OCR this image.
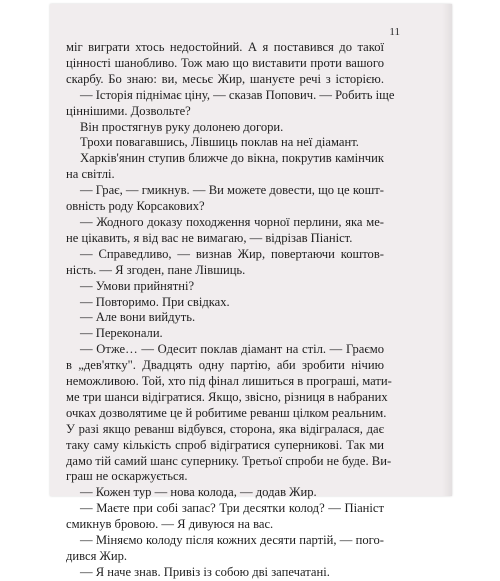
11
міг виграти хтось недостойний. А я поставився до такої
цінності шанобливо. Тож маю що виставити проти вашого
скарбу. Бо знаю: ви, месьє Жир, шануєте речі з історією.
— Історія піднімає ціну, — сказав Попович. — Робить іще
ціннішими. Дозвольте?
Він простягнув руку долонею догори.
Трохи повагавшись, Лівшиць поклав на неї діамант.
Харків'янин ступив ближче до вікна, покрутив камінчик
на світлі.
— Грає, — гмикнув. — Ви можете довести, що це кошт-
овність роду Корсакових?
— Жодного доказу походження чорної перлини, яка ме-
не цікавить, я від вас не вимагаю, — відрізав Піаніст.
— Справедливо, — визнав Жир, повертаючи коштов-
ність. — Я згоден, пане Лівшиць.
— Умови прийнятні?
— Повторимо. При свідках.
— Але вони вийдуть.
— Переконали.
— Отже… — Одесит поклав діамант на стіл. — Граємо
в „дев'ятку". Двадцять одну партію, аби зробити нічию
неможливою. Той, хто під фінал лишиться в програші, мати-
ме три шанси відігратися. Якщо, звісно, різниця в набраних
очках дозволятиме це й робитиме реванш цілком реальним.
У разі якщо реванш відбувся, сторона, яка відігралася, дає
таку саму кількість спроб відігратися суперникові. Так ми
дамо тій самий шанс супернику. Третьої спроби не буде. Ви-
граш не оскаржується.
— Кожен тур — нова колода, — додав Жир.
— Маєте при собі запас? Три десятки колод? — Піаніст
смикнув бровою. — Я дивуюся на вас.
— Міняємо колоду після кожних десяти партій, — пого-
дився Жир.
— Я наче знав. Привіз із собою дві запечатані.
